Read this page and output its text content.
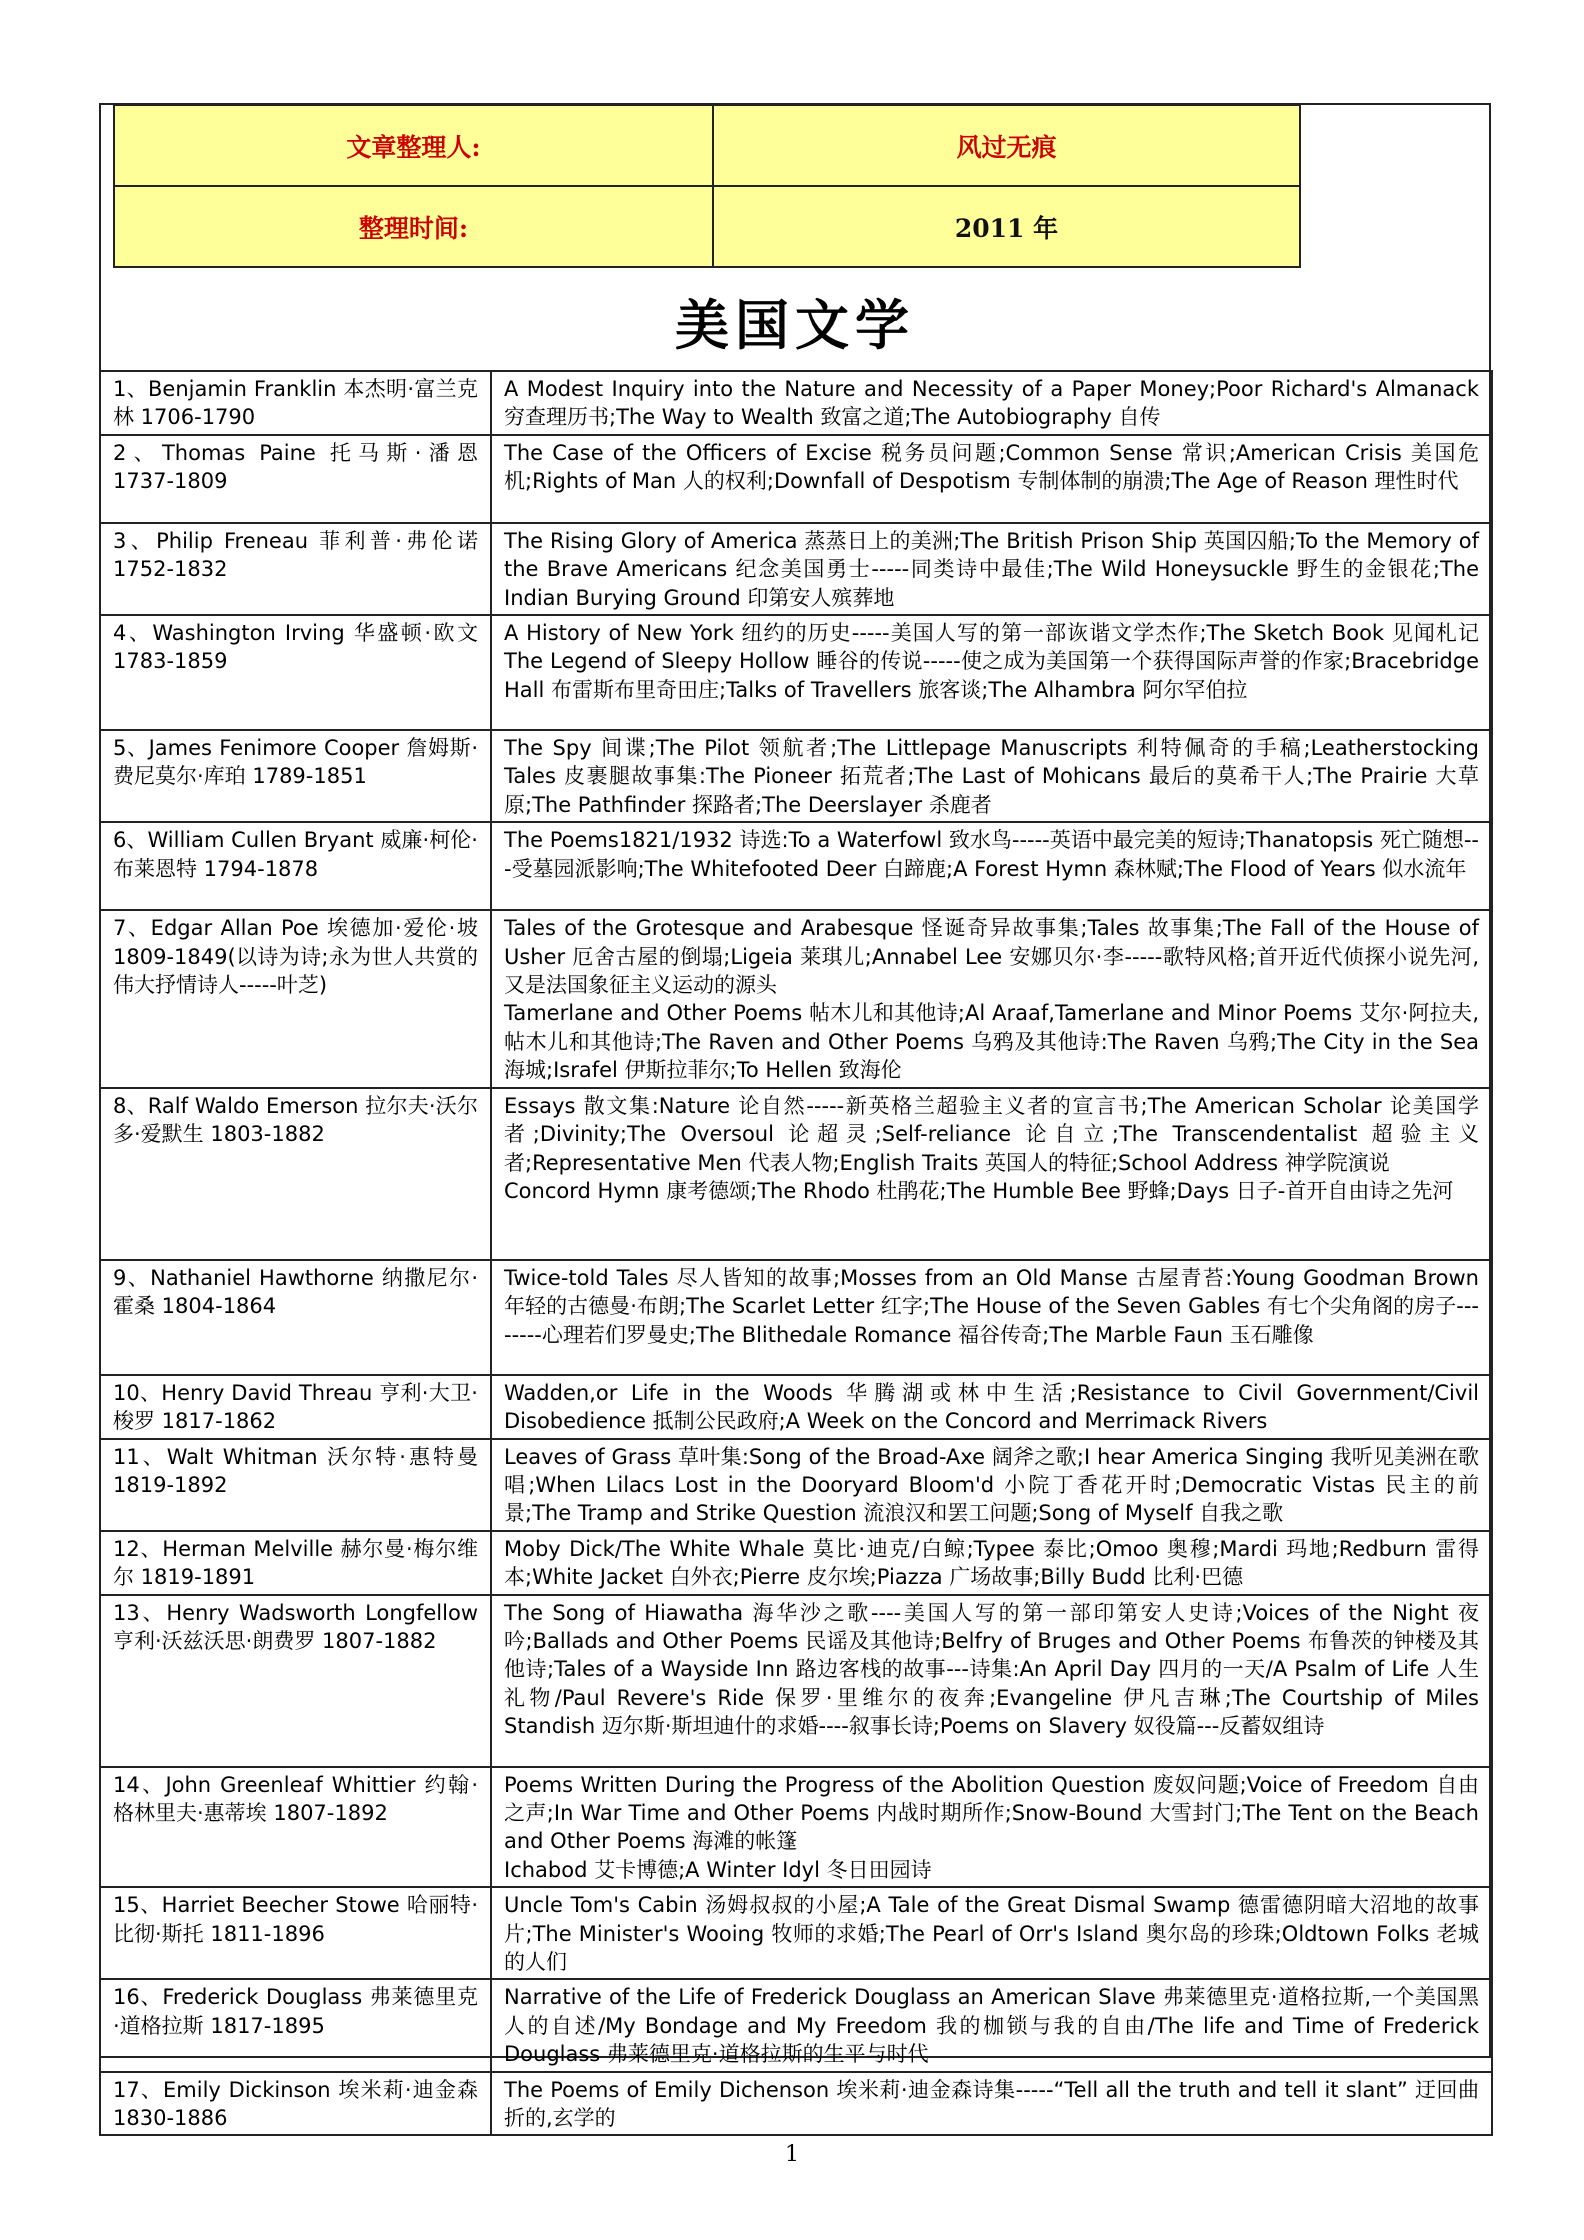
文章整理人:	风过无痕
整理时间:	2011 年
美国文学
1、Benjamin Franklin 本杰明·富兰克林 1706-1790	A Modest Inquiry into the Nature and Necessity of a Paper Money;Poor Richard's Almanack 穷查理历书;The Way to Wealth 致富之道;The Autobiography 自传

2、Thomas Paine 托马斯·潘恩 1737-1809	The Case of the Officers of Excise 税务员问题;Common Sense 常识;American Crisis 美国危机;Rights of Man 人的权利;Downfall of Despotism 专制体制的崩溃;The Age of Reason 理性时代

3、Philip Freneau 菲利普·弗伦诺 1752-1832	The Rising Glory of America 蒸蒸日上的美洲;The British Prison Ship 英国囚船;To the Memory of the Brave Americans 纪念美国勇士-----同类诗中最佳;The Wild Honeysuckle 野生的金银花;The Indian Burying Ground 印第安人殡葬地

4、Washington Irving 华盛顿·欧文 1783-1859	A History of New York 纽约的历史-----美国人写的第一部诙谐文学杰作;The Sketch Book 见闻札记 The Legend of Sleepy Hollow 睡谷的传说-----使之成为美国第一个获得国际声誉的作家;Bracebridge Hall 布雷斯布里奇田庄;Talks of Travellers 旅客谈;The Alhambra 阿尔罕伯拉

5、James Fenimore Cooper 詹姆斯·费尼莫尔·库珀 1789-1851	The Spy 间谍;The Pilot 领航者;The Littlepage Manuscripts 利特佩奇的手稿;Leatherstocking Tales 皮裹腿故事集:The Pioneer 拓荒者;The Last of Mohicans 最后的莫希干人;The Prairie 大草原;The Pathfinder 探路者;The Deerslayer 杀鹿者

6、William Cullen Bryant 威廉·柯伦·布莱恩特 1794-1878	The Poems1821/1932 诗选:To a Waterfowl 致水鸟-----英语中最完美的短诗;Thanatopsis 死亡随想---受墓园派影响;The Whitefooted Deer 白蹄鹿;A Forest Hymn 森林赋;The Flood of Years 似水流年

7、Edgar Allan Poe 埃德加·爱伦·坡 1809-1849(以诗为诗;永为世人共赏的伟大抒情诗人-----叶芝)	Tales of the Grotesque and Arabesque 怪诞奇异故事集;Tales 故事集;The Fall of the House of Usher 厄舍古屋的倒塌;Ligeia 莱琪儿;Annabel Lee 安娜贝尔·李-----歌特风格;首开近代侦探小说先河,又是法国象征主义运动的源头
Tamerlane and Other Poems 帖木儿和其他诗;Al Araaf,Tamerlane and Minor Poems 艾尔·阿拉夫,帖木儿和其他诗;The Raven and Other Poems 乌鸦及其他诗:The Raven 乌鸦;The City in the Sea 海城;Israfel 伊斯拉菲尔;To Hellen 致海伦

8、Ralf Waldo Emerson 拉尔夫·沃尔多·爱默生 1803-1882	Essays 散文集:Nature 论自然-----新英格兰超验主义者的宣言书;The American Scholar 论美国学者;Divinity;The Oversoul 论超灵;Self-reliance 论自立;The Transcendentalist 超验主义者;Representative Men 代表人物;English Traits 英国人的特征;School Address 神学院演说
Concord Hymn 康考德颂;The Rhodo 杜鹃花;The Humble Bee 野蜂;Days 日子-首开自由诗之先河

9、Nathaniel Hawthorne 纳撒尼尔·霍桑 1804-1864	Twice-told Tales 尽人皆知的故事;Mosses from an Old Manse 古屋青苔:Young Goodman Brown 年轻的古德曼·布朗;The Scarlet Letter 红字;The House of the Seven Gables 有七个尖角阁的房子--------心理若们罗曼史;The Blithedale Romance 福谷传奇;The Marble Faun 玉石雕像

10、Henry David Threau 亨利·大卫·梭罗 1817-1862	Wadden,or Life in the Woods 华腾湖或林中生活;Resistance to Civil Government/Civil Disobedience 抵制公民政府;A Week on the Concord and Merrimack Rivers

11、Walt Whitman 沃尔特·惠特曼 1819-1892	Leaves of Grass 草叶集:Song of the Broad-Axe 阔斧之歌;I hear America Singing 我听见美洲在歌唱;When Lilacs Lost in the Dooryard Bloom'd 小院丁香花开时;Democratic Vistas 民主的前景;The Tramp and Strike Question 流浪汉和罢工问题;Song of Myself 自我之歌

12、Herman Melville 赫尔曼·梅尔维尔 1819-1891	Moby Dick/The White Whale 莫比·迪克/白鲸;Typee 泰比;Omoo 奥穆;Mardi 玛地;Redburn 雷得本;White Jacket 白外衣;Pierre 皮尔埃;Piazza 广场故事;Billy Budd 比利·巴德

13、Henry Wadsworth Longfellow 亨利·沃兹沃思·朗费罗 1807-1882	The Song of Hiawatha 海华沙之歌----美国人写的第一部印第安人史诗;Voices of the Night 夜吟;Ballads and Other Poems 民谣及其他诗;Belfry of Bruges and Other Poems 布鲁茨的钟楼及其他诗;Tales of a Wayside Inn 路边客栈的故事---诗集:An April Day 四月的一天/A Psalm of Life 人生礼物/Paul Revere's Ride 保罗·里维尔的夜奔;Evangeline 伊凡吉琳;The Courtship of Miles Standish 迈尔斯·斯坦迪什的求婚----叙事长诗;Poems on Slavery 奴役篇---反蓄奴组诗

14、John Greenleaf Whittier 约翰·格林里夫·惠蒂埃 1807-1892	Poems Written During the Progress of the Abolition Question 废奴问题;Voice of Freedom 自由之声;In War Time and Other Poems 内战时期所作;Snow-Bound 大雪封门;The Tent on the Beach and Other Poems 海滩的帐篷
Ichabod 艾卡博德;A Winter Idyl 冬日田园诗

15、Harriet Beecher Stowe 哈丽特·比彻·斯托 1811-1896	Uncle Tom's Cabin 汤姆叔叔的小屋;A Tale of the Great Dismal Swamp 德雷德阴暗大沼地的故事片;The Minister's Wooing 牧师的求婚;The Pearl of Orr's Island 奥尔岛的珍珠;Oldtown Folks 老城的人们

16、Frederick Douglass 弗莱德里克·道格拉斯 1817-1895	Narrative of the Life of Frederick Douglass an American Slave 弗莱德里克·道格拉斯,一个美国黑人的自述/My Bondage and My Freedom 我的枷锁与我的自由/The life and Time of Frederick Douglass 弗莱德里克·道格拉斯的生平与时代

17、Emily Dickinson 埃米莉·迪金森 1830-1886	The Poems of Emily Dichenson 埃米莉·迪金森诗集-----“Tell all the truth and tell it slant” 迂回曲折的,玄学的
1
